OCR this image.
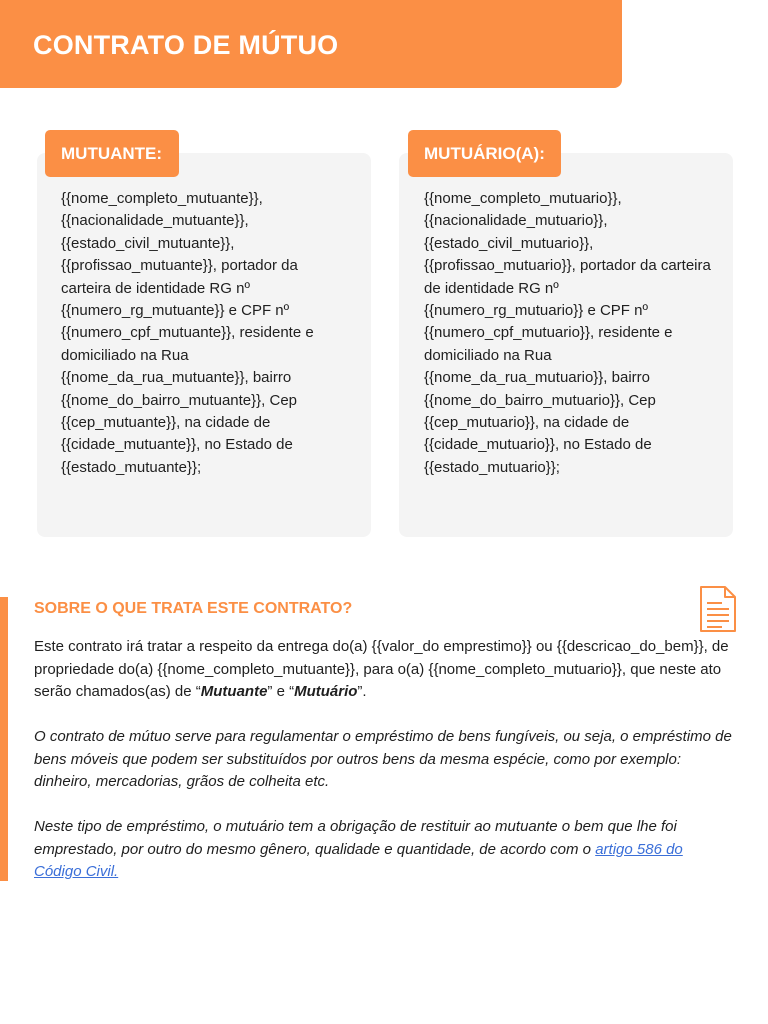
CONTRATO DE MÚTUO
MUTUANTE:

{{nome_completo_mutuante}}, {{nacionalidade_mutuante}}, {{estado_civil_mutuante}}, {{profissao_mutuante}}, portador da carteira de identidade RG nº {{numero_rg_mutuante}} e CPF nº {{numero_cpf_mutuante}}, residente e domiciliado na Rua {{nome_da_rua_mutuante}}, bairro {{nome_do_bairro_mutuante}}, Cep {{cep_mutuante}}, na cidade de {{cidade_mutuante}}, no Estado de {{estado_mutuante}};

MUTUÁRIO(A):

{{nome_completo_mutuario}}, {{nacionalidade_mutuario}}, {{estado_civil_mutuario}}, {{profissao_mutuario}}, portador da carteira de identidade RG nº {{numero_rg_mutuario}} e CPF nº {{numero_cpf_mutuario}}, residente e domiciliado na Rua {{nome_da_rua_mutuario}}, bairro {{nome_do_bairro_mutuario}}, Cep {{cep_mutuario}}, na cidade de {{cidade_mutuario}}, no Estado de {{estado_mutuario}};

SOBRE O QUE TRATA ESTE CONTRATO?

Este contrato irá tratar a respeito da entrega do(a) {{valor_do emprestimo}} ou {{descricao_do_bem}}, de propriedade do(a) {{nome_completo_mutuante}}, para o(a) {{nome_completo_mutuario}}, que neste ato serão chamados(as) de “Mutuante” e “Mutuário”.

O contrato de mútuo serve para regulamentar o empréstimo de bens fungíveis, ou seja, o empréstimo de bens móveis que podem ser substituídos por outros bens da mesma espécie, como por exemplo: dinheiro, mercadorias, grãos de colheita etc.

Neste tipo de empréstimo, o mutuário tem a obrigação de restituir ao mutuante o bem que lhe foi emprestado, por outro do mesmo gênero, qualidade e quantidade, de acordo com o artigo 586 do Código Civil.
